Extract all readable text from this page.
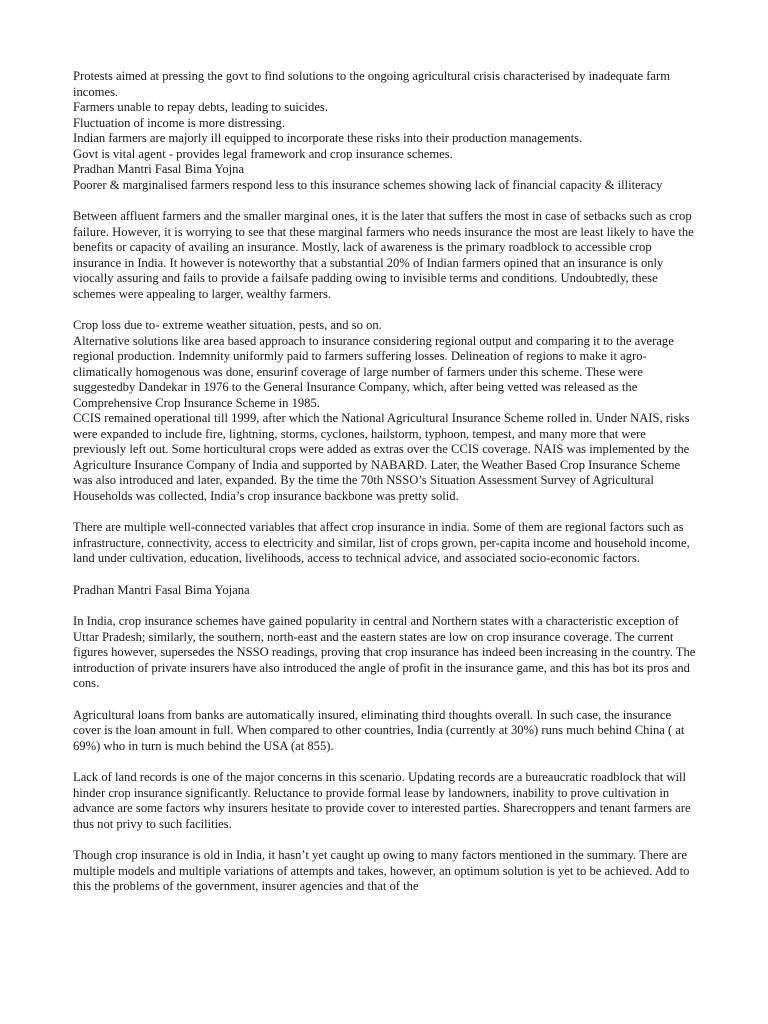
Protests aimed at pressing the govt to find solutions to the ongoing agricultural crisis characterised by inadequate farm incomes.

Farmers unable to repay debts, leading to suicides.

Fluctuation of income is more distressing.

Indian farmers are majorly ill equipped to incorporate these risks into their production managements.

Govt is vital agent - provides legal framework and crop insurance schemes.

Pradhan Mantri Fasal Bima Yojna

Poorer & marginalised farmers respond less to this insurance schemes showing lack of financial capacity & illiteracy

Between affluent farmers and the smaller marginal ones, it is the later that suffers the most in case of setbacks such as crop failure. However, it is worrying to see that these marginal farmers who needs insurance the most are least likely to have the benefits or capacity of availing an insurance. Mostly, lack of awareness is the primary roadblock to accessible crop insurance in India. It however is noteworthy that a substantial 20% of Indian farmers opined that an insurance is only viocally assuring and fails to provide a failsafe padding owing to invisible terms and conditions. Undoubtedly, these schemes were appealing to larger, wealthy farmers.

Crop loss due to- extreme weather situation, pests, and so on.

Alternative solutions like area based approach to insurance considering regional output and comparing it to the average regional production. Indemnity uniformly paid to farmers suffering losses. Delineation of regions to make it agro-climatically homogenous was done, ensurinf coverage of large number of farmers under this scheme. These were suggestedby Dandekar in 1976 to the General Insurance Company, which, after being vetted was released as the Comprehensive Crop Insurance Scheme in 1985.

CCIS remained operational till 1999, after which the National Agricultural Insurance Scheme rolled in. Under NAIS, risks were expanded to include fire, lightning, storms, cyclones, hailstorm, typhoon, tempest, and many more that were previously left out. Some horticultural crops were added as extras over the CCIS coverage. NAIS was implemented by the Agriculture Insurance Company of India and supported by NABARD. Later, the Weather Based Crop Insurance Scheme was also introduced and later, expanded. By the time the 70th NSSO’s Situation Assessment Survey of Agricultural Households was collected, India’s crop insurance backbone was pretty solid.

There are multiple well-connected variables that affect crop insurance in india. Some of them are regional factors such as infrastructure, connectivity, access to electricity and similar, list of crops grown, per-capita income and household income, land under cultivation, education, livelihoods, access to technical advice, and associated socio-economic factors.

Pradhan Mantri Fasal Bima Yojana

In India, crop insurance schemes have gained popularity in central and Northern states with a characteristic exception of Uttar Pradesh; similarly, the southern, north-east and the eastern states are low on crop insurance coverage. The current figures however, supersedes the NSSO readings, proving that crop insurance has indeed been increasing in the country. The introduction of private insurers have also introduced the angle of profit in the insurance game, and this has bot its pros and cons.

Agricultural loans from banks are automatically insured, eliminating third thoughts overall. In such case, the insurance cover is the loan amount in full. When compared to other countries, India (currently at 30%) runs much behind China ( at 69%) who in turn is much behind the USA (at 855).

Lack of land records is one of the major concerns in this scenario. Updating records are a bureaucratic roadblock that will hinder crop insurance significantly. Reluctance to provide formal lease by landowners, inability to prove cultivation in advance are some factors why insurers hesitate to provide cover to interested parties. Sharecroppers and tenant farmers are thus not privy to such facilities.

Though crop insurance is old in India, it hasn’t yet caught up owing to many factors mentioned in the summary. There are multiple models and multiple variations of attempts and takes, however, an optimum solution is yet to be achieved. Add to this the problems of the government, insurer agencies and that of the
